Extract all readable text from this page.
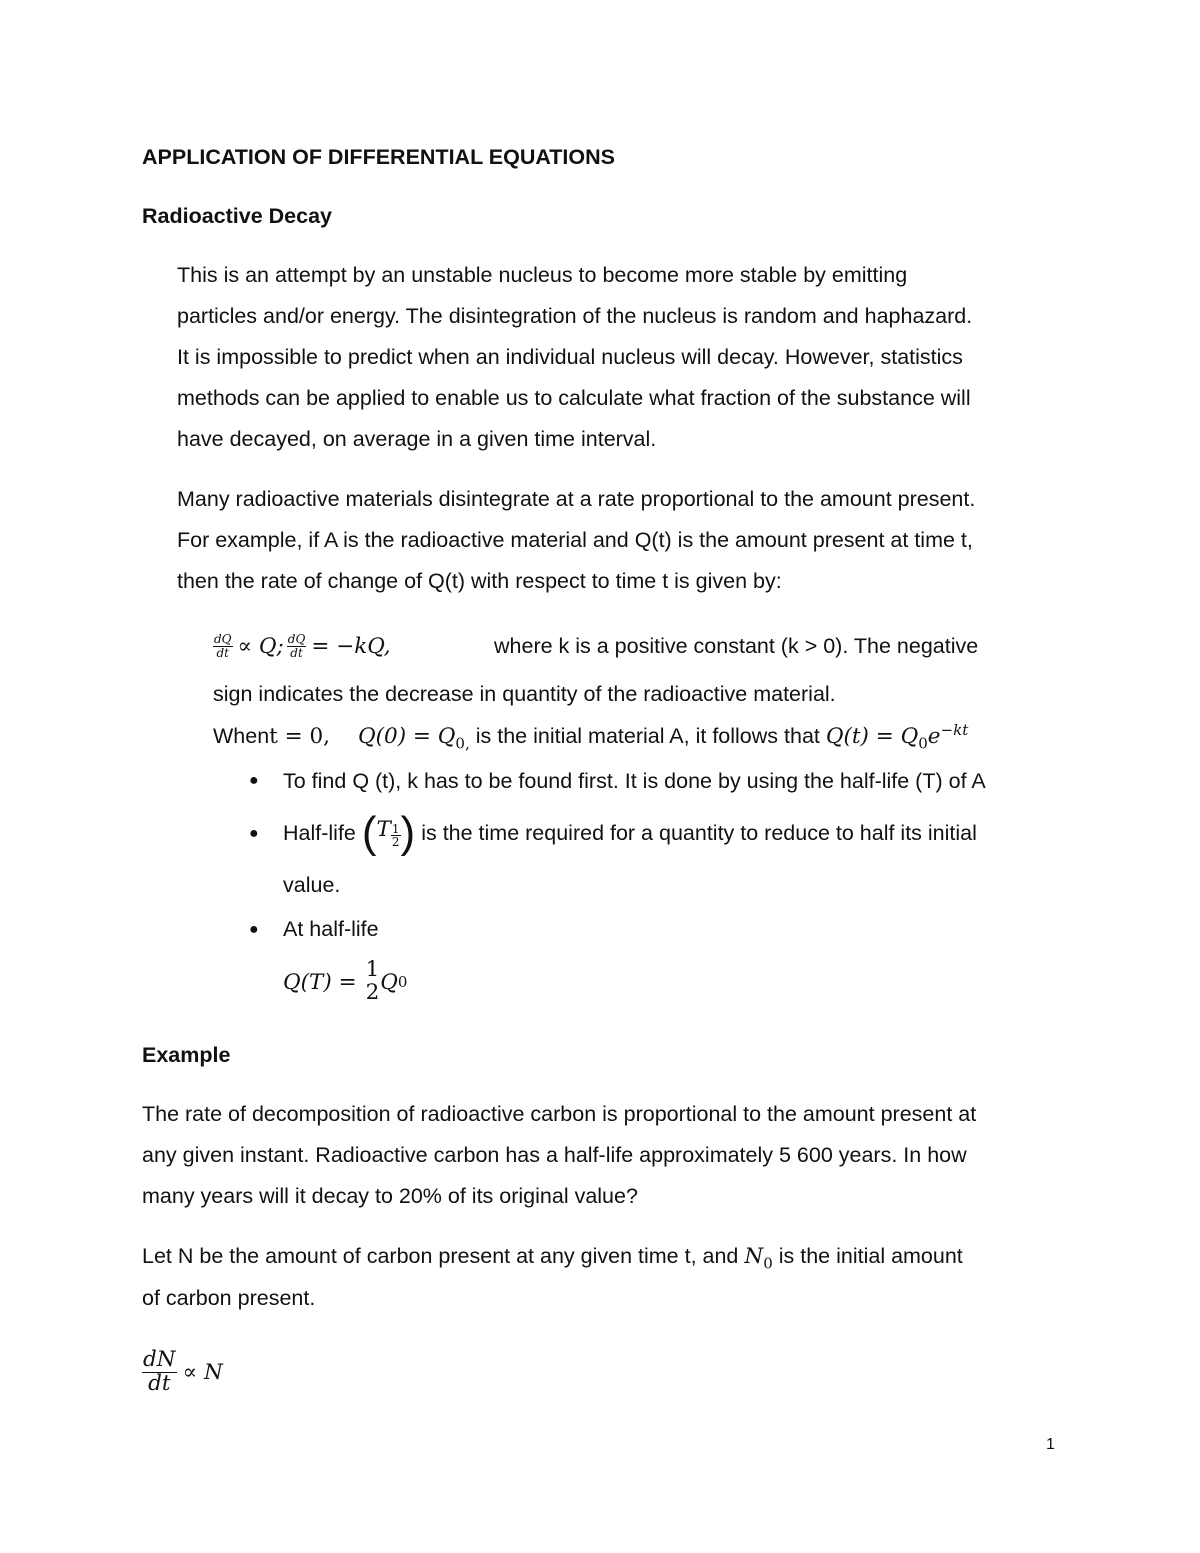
APPLICATION OF DIFFERENTIAL EQUATIONS
Radioactive Decay
This is an attempt by an unstable nucleus to become more stable by emitting
particles and/or energy. The disintegration of the nucleus is random and haphazard.
It is impossible to predict when an individual nucleus will decay. However, statistics
methods can be applied to enable us to calculate what fraction of the substance will
have decayed, on average in a given time interval.
Many radioactive materials disintegrate at a rate proportional to the amount present.
For example, if A is the radioactive material and Q(t) is the amount present at time t,
then the rate of change of Q(t) with respect to time t is given by:
$\frac{dQ}{dt} \propto Q$; $\frac{dQ}{dt} = -kQ$,	where k is a positive constant (k > 0). The negative
sign indicates the decrease in quantity of the radioactive material.
Whent = 0, $Q(0) = Q_{0,}$ is the initial material A, it follows that $Q(t) = Q_0e^{-kt}$
● To find Q (t), k has to be found first. It is done by using the half-life (T) of A
● Half-life ( T $\frac{1}{2}$ ) is the time required for a quantity to reduce to half its initial
value.
● At half-life
Q(T) = 1
2 Q 0
Example
The rate of decomposition of radioactive carbon is proportional to the amount present at
any given instant. Radioactive carbon has a half-life approximately 5 600 years. In how
many years will it decay to 20% of its original value?
Let N be the amount of carbon present at any given time t, and $N_0$ is the initial amount
of carbon present.
$\frac{dN}{dt} \propto N$
1
